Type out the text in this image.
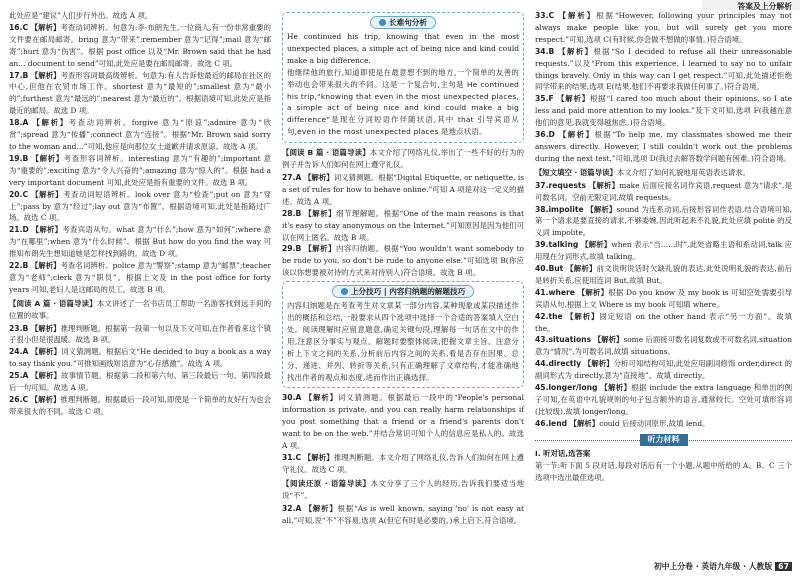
答案及上分解析

此处应是“建议”人们步行外出。故选 A 项。

16.C 【解析】考查动词辨析。句意为:李·布朗先生,一位商人,有一份非常重要的文件要在邮局邮寄。bring 意为“带来”;remember 意为“记得”;mail 意为“邮寄”;hurt 意为“伤害”。根据 post office 以及“Mr. Brown said that he had an… document to send”可知,此处应是要在邮局邮寄。故选 C 项。

17.B 【解析】考查形容词最高级辨析。句意为:有人告诉他最近的邮局在社区的中心,但他在农贸市场工作。shortest 意为“最短的”;smallest 意为“最小的”;furthest 意为“最远的”;nearest 意为“最近的”。根据语境可知,此处应是指最近的邮局。故选 D 项。

18.A 【解析】考查动词辨析。forgive 意为“原谅”;admire 意为“欣赏”;spread 意为“传播”;connect 意为“连接”。根据“Mr. Brown said sorry to the woman and…”可知,他应是向那位女士道歉并请求原谅。故选 A 项。

19.B 【解析】考查形容词辨析。interesting 意为“有趣的”;important 意为“重要的”;exciting 意为“令人兴奋的”;amazing 意为“惊人的”。根据 had a very important document 可知,此处应是指有重要的文件。故选 B 项。

20.C 【解析】考查动词短语辨析。look over 意为“检查”;put on 意为“穿上”;pass by 意为“经过”;lay out 意为“布置”。根据语境可知,此处是指路过广场。故选 C 项。

21.D 【解析】考查宾语从句。what 意为“什么”;how 意为“如何”;where 意为“在哪里”;when 意为“什么时候”。根据 But how do you find the way 可推知布朗先生想知道她是怎样找到路的。故选 D 项。

22.B 【解析】考查名词辨析。police 意为“警察”;stamp 意为“邮票”;teacher 意为“老师”;clerk 意为“职员”。根据上文及 in the post office for forty years 可知,老妇人是这邮局的员工。故选 B 项。

【阅读 A 篇 · 语篇导读】本文讲述了一名书店员工帮助一名游客找到远手间的位置的故事。

23.B 【解析】推理判断题。根据第一段第一句以及下文可知,在作者看来这个镇子很小但是很温暖。故选 B 项。

24.A 【解析】词义猜测题。根据后文“He decided to buy a book as a way to say thank you.”可推知画线短语意为“心存感激”。故选 A 项。

25.A 【解析】故事情节题。根据第二段和第六句、第三段最后一句、第四段最后一句可知。故选 A 项。

26.C 【解析】推理判断题。根据最后一段可知,即使是一个简单的友好行为也会带来很大的不同。故选 C 项。

长难句分析

He continued his trip, knowing that even in the most unexpected places, a simple act of being nice and kind could make a big difference.

他继续他的旅行,知道即使是在最意想不到的地方,一个简单的友善的举动也会带来很大的不同。这是一个复合句,主句是 He continued his trip,“knowing that even in the most unexpected places, a simple act of being nice and kind could make a big difference”是现在分词短语作伴随状语,其中 that 引导宾语从句,even in the most unexpected places 是地点状语。

【阅读 B 篇 · 语篇导读】本文介绍了网络礼仪,举出了一些不好的行为的例子并告诉人们如何在网上遵守礼仪。

27.A 【解析】词义猜测题。根据“Digital Etiquette, or netiquette, is a set of rules for how to behave online.”可知 A 项是对这一定义的描述。故选 A 项。

28.B 【解析】细节理解题。根据“One of the main reasons is that it's easy to stay anonymous on the Internet.”可知原因是因为他们可以在网上匿名。故选 B 项。

29.B 【解析】内容归纳题。根据“You wouldn't want somebody to be rude to you, so don't be rude to anyone else.”可知选项 B(你应该以你想要被对待的方式来对待别人)符合语境。故选 B 项。

上分技巧 | 内容归纳题的解题技巧

内容归纳题是在考查考生对文章某一部分内容,某种现象或某段描述作出的概括和总结,一般要求从四个选项中选择一个合适的答案填入空白处。阅读理解时应留意题意,确定关键句段,理解每一句话在文中的作用,注意区分事实与观点。解题时要整体阅读,把握文章主旨。注意分析上下文之间的关系,分析前后内容之间的关系,看是否存在因果、总分、递进、并列、转折等关系,只有正确理解了文章结构,才能准确地找出作者的观点和态度,进而作出正确选择。

30.A 【解析】词义猜测题。根据最后一段中的“People's personal information is private, and you can really harm relationships if you post something that a friend or a friend's parents don't want to be on the web.”并结合常识可知个人的信息应是私人的。故选 A 项。

31.C 【解析】推理判断题。本文介绍了网络礼仪,告诉人们如何在网上遵守礼仪。故选 C 项。

【阅读还原 · 语篇导读】本文分享了三个人的经历,告诉我们要适当地说“不”。

32.A 【解析】根据“As is well known, saying 'no' is not easy at all.”可知,说“不”不容易,选项 A(但它有时是必要的。)承上启下,符合语境。

33.C 【解析】根据“However, following your principles may not always make people like you, but will surely get you more respect.”可知,选项 C(有时候,你会做不想做的事情。)符合语境。

34.B 【解析】根据“So I decided to refuse all their unreasonable requests.”以及“From this experience, I learned to say no to unfair things bravely. Only in this way can I get respect.”可知,此处描述拒绝同学带来的结果,选项 E(结果,他们不再要求我做任何事了。)符合语境。

35.F 【解析】根据“I cared too much about their opinions, so I ate less and paid more attention to my looks.”及下文可知,选项 F(我越在意他们的意见,我就变得越焦虑。)符合语境。

36.D 【解析】根据“To help me, my classmates showed me their answers directly. However, I still couldn't work out the problems during the next test.”可知,选项 D(我过去解答数学问题有困难。)符合语境。

【短文填空 · 语篇导读】本文介绍了如何礼貌地用英语表达请求。

37.requests 【解析】make 后面应接名词作宾语,request 意为“请求”,是可数名词。空前无限定词,故填 requests。

38.impolite 【解析】sound 为连系动词,后接形容词作表语,结合语境可知,第一个请求是要直接的请求,不够委婉,因此听起来不礼貌,此处应填 polite 的反义词 impolite。

39.talking 【解析】when 表示“当……时”,此处省略主语和系动词,talk 应用现在分词形式,故填 talking。

40.But 【解析】前文说明说话时欠缺礼貌的表达,此处说明礼貌的表达,前后是转折关系,应使用连词 But,故填 But。

41.where 【解析】根据 Do you know 及 my book is 可知空处需要引导宾语从句,根据上文 Where is my book 可知填 where。

42.the 【解析】固定短语 on the other hand 表示“另一方面”。故填 the。

43.situations 【解析】some 后面接可数名词复数或不可数名词,situation 意为“情况”,为可数名词,故填 situations。

44.directly 【解析】分析可知结构可知,此处应用副词修饰 order,direct 的副词形式为 directly,意为“直接地”。故填 directly。

45.longer/long 【解析】根据 include the extra language 和单出的例子可知,在英语中礼貌规则的句子包含额外的语言,通常较长。空处可填形容词(比较级),故填 longer/long。

46.lend 【解析】could 后接动词原形,故填 lend。

听力材料

Ⅰ. 听对话,选答案

第一节:听下面 5 段对话,每段对话后有一个小题,从题中所给的 A、B、C 三个选项中选出最佳选项。

初中上分卷 · 英语九年级 · 人教版 67
